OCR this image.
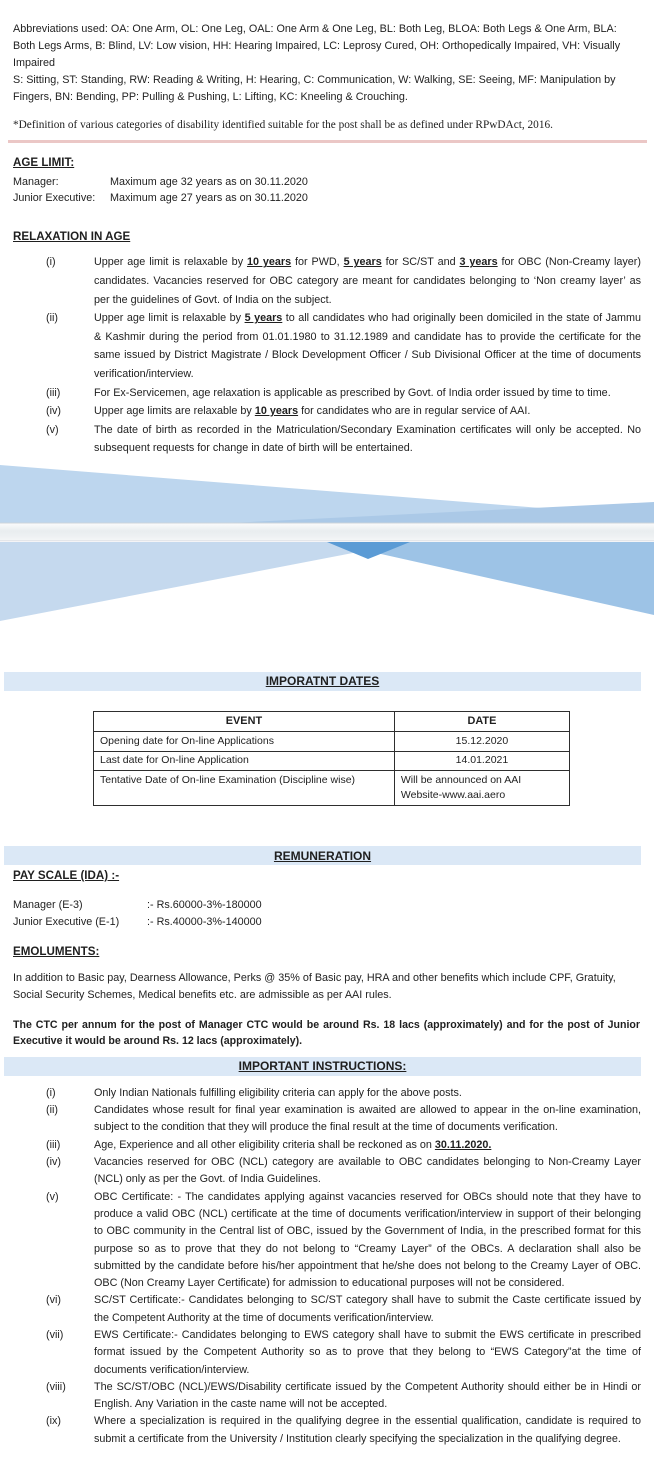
Abbreviations used: OA: One Arm, OL: One Leg, OAL: One Arm & One Leg, BL: Both Leg, BLOA: Both Legs & One Arm, BLA: Both Legs Arms, B: Blind, LV: Low vision, HH: Hearing Impaired, LC: Leprosy Cured, OH: Orthopedically Impaired, VH: Visually Impaired

S: Sitting, ST: Standing, RW: Reading & Writing, H: Hearing, C: Communication, W: Walking, SE: Seeing, MF: Manipulation by Fingers, BN: Bending, PP: Pulling & Pushing, L: Lifting, KC: Kneeling & Crouching.

*Definition of various categories of disability identified suitable for the post shall be as defined under RPwDAct, 2016.

AGE LIMIT:
Manager:	Maximum age 32 years as on 30.11.2020
Junior Executive:	Maximum age 27 years as on 30.11.2020
RELAXATION IN AGE
(i)	Upper age limit is relaxable by 10 years for PWD, 5 years for SC/ST and 3 years for OBC (Non-Creamy layer) candidates. Vacancies reserved for OBC category are meant for candidates belonging to ‘Non creamy layer’ as per the guidelines of Govt. of India on the subject.
(ii)	Upper age limit is relaxable by 5 years to all candidates who had originally been domiciled in the state of Jammu & Kashmir during the period from 01.01.1980 to 31.12.1989 and candidate has to provide the certificate for the same issued by District Magistrate / Block Development Officer / Sub Divisional Officer at the time of documents verification/interview.
(iii)	For Ex-Servicemen, age relaxation is applicable as prescribed by Govt. of India order issued by time to time.
(iv)	Upper age limits are relaxable by 10 years for candidates who are in regular service of AAI.
(v)	The date of birth as recorded in the Matriculation/Secondary Examination certificates will only be accepted. No subsequent requests for change in date of birth will be entertained.
IMPORATNT DATES
EVENT	DATE
Opening date for On-line Applications	15.12.2020
Last date for On-line Application	14.01.2021
Tentative Date of On-line Examination (Discipline wise)	Will be announced on AAI Website-www.aai.aero
REMUNERATION
PAY SCALE (IDA) :-
Manager (E-3)	:- Rs.60000-3%-180000
Junior Executive (E-1)	:- Rs.40000-3%-140000
EMOLUMENTS:

In addition to Basic pay, Dearness Allowance, Perks @ 35% of Basic pay, HRA and other benefits which include CPF, Gratuity, Social Security Schemes, Medical benefits etc. are admissible as per AAI rules.

The CTC per annum for the post of Manager CTC would be around Rs. 18 lacs (approximately) and for the post of Junior Executive it would be around Rs. 12 lacs (approximately).

IMPORTANT INSTRUCTIONS:
(i)	Only Indian Nationals fulfilling eligibility criteria can apply for the above posts.
(ii)	Candidates whose result for final year examination is awaited are allowed to appear in the on-line examination, subject to the condition that they will produce the final result at the time of documents verification.
(iii)	Age, Experience and all other eligibility criteria shall be reckoned as on 30.11.2020.
(iv)	Vacancies reserved for OBC (NCL) category are available to OBC candidates belonging to Non-Creamy Layer (NCL) only as per the Govt. of India Guidelines.
(v)	OBC Certificate: - The candidates applying against vacancies reserved for OBCs should note that they have to produce a valid OBC (NCL) certificate at the time of documents verification/interview in support of their belonging to OBC community in the Central list of OBC, issued by the Government of India, in the prescribed format for this purpose so as to prove that they do not belong to “Creamy Layer” of the OBCs. A declaration shall also be submitted by the candidate before his/her appointment that he/she does not belong to the Creamy Layer of OBC. OBC (Non Creamy Layer Certificate) for admission to educational purposes will not be considered.
(vi)	SC/ST Certificate:- Candidates belonging to SC/ST category shall have to submit the Caste certificate issued by the Competent Authority at the time of documents verification/interview.
(vii)	EWS Certificate:- Candidates belonging to EWS category shall have to submit the EWS certificate in prescribed format issued by the Competent Authority so as to prove that they belong to “EWS Category”at the time of documents verification/interview.
(viii)	The SC/ST/OBC (NCL)/EWS/Disability certificate issued by the Competent Authority should either be in Hindi or English. Any Variation in the caste name will not be accepted.
(ix)	Where a specialization is required in the qualifying degree in the essential qualification, candidate is required to submit a certificate from the University / Institution clearly specifying the specialization in the qualifying degree.
